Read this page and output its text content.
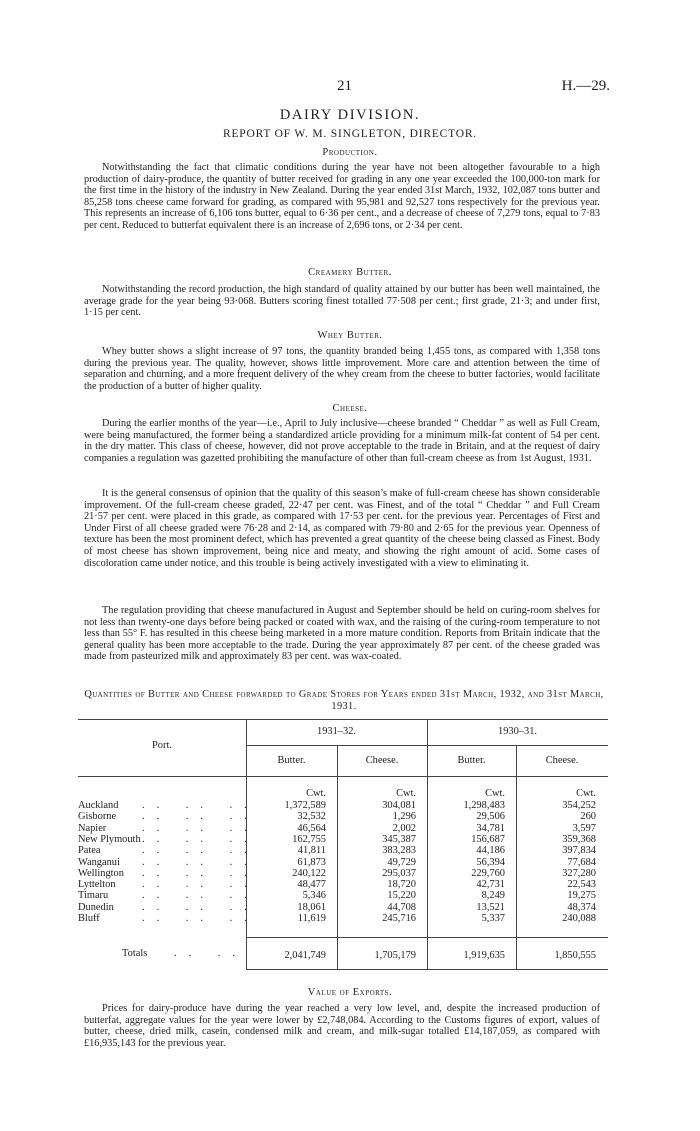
21	H.—29.
DAIRY DIVISION.
REPORT OF W. M. SINGLETON, DIRECTOR.
Production.

Notwithstanding the fact that climatic conditions during the year have not been altogether favourable to a high production of dairy-produce, the quantity of butter received for grading in any one year exceeded the 100,000-ton mark for the first time in the history of the industry in New Zealand. During the year ended 31st March, 1932, 102,087 tons butter and 85,258 tons cheese came forward for grading, as compared with 95,981 and 92,527 tons respectively for the previous year. This represents an increase of 6,106 tons butter, equal to 6·36 per cent., and a decrease of cheese of 7,279 tons, equal to 7·83 per cent. Reduced to butterfat equivalent there is an increase of 2,696 tons, or 2·34 per cent.

Creamery Butter.

Notwithstanding the record production, the high standard of quality attained by our butter has been well maintained, the average grade for the year being 93·068. Butters scoring finest totalled 77·508 per cent.; first grade, 21·3; and under first, 1·15 per cent.

Whey Butter.

Whey butter shows a slight increase of 97 tons, the quantity branded being 1,455 tons, as compared with 1,358 tons during the previous year. The quality, however, shows little improvement. More care and attention between the time of separation and churning, and a more frequent delivery of the whey cream from the cheese to butter factories, would facilitate the production of a butter of higher quality.

Cheese.

During the earlier months of the year—i.e., April to July inclusive—cheese branded “ Cheddar ” as well as Full Cream, were being manufactured, the former being a standardized article providing for a minimum milk-fat content of 54 per cent. in the dry matter. This class of cheese, however, did not prove acceptable to the trade in Britain, and at the request of dairy companies a regulation was gazetted prohibiting the manufacture of other than full-cream cheese as from 1st August, 1931.

It is the general consensus of opinion that the quality of this season’s make of full-cream cheese has shown considerable improvement. Of the full-cream cheese graded, 22·47 per cent. was Finest, and of the total “ Cheddar ” and Full Cream 21·57 per cent. were placed in this grade, as compared with 17·53 per cent. for the previous year. Percentages of First and Under First of all cheese graded were 76·28 and 2·14, as compared with 79·80 and 2·65 for the previous year. Openness of texture has been the most prominent defect, which has prevented a great quantity of the cheese being classed as Finest. Body of most cheese has shown improvement, being nice and meaty, and showing the right amount of acid. Some cases of discoloration came under notice, and this trouble is being actively investigated with a view to eliminating it.

The regulation providing that cheese manufactured in August and September should be held on curing-room shelves for not less than twenty-one days before being packed or coated with wax, and the raising of the curing-room temperature to not less than 55° F. has resulted in this cheese being marketed in a more mature condition. Reports from Britain indicate that the general quality has been more acceptable to the trade. During the year approximately 87 per cent. of the cheese graded was made from pasteurized milk and approximately 83 per cent. was wax-coated.

Quantities of Butter and Cheese forwarded to Grade Stores for Years ended 31st March, 1932, and 31st March, 1931.
Port.
1931–32.	1930–31.
Butter.	Cheese.	Butter.	Cheese.
Cwt.	Cwt.	Cwt.	Cwt.
Auckland .. .. ..	1,372,589	304,081	1,298,483	354,252
Gisborne .. .. ..	32,532	1,296	29,506	260
Napier	.. .. ..	46,564	2,002	34,781	3,597
New Plymouth .. .. ..	162,755	345,387	156,687	359,368
Patea	.. .. ..	41,811	383,283	44,186	397,834
Wanganui .. .. ..	61,873	49,729	56,394	77,684
Wellington .. .. ..	240,122	295,037	229,760	327,280
Lyttelton	.. .. ..	48,477	18,720	42,731	22,543
Timaru	.. .. ..	5,346	15,220	8,249	19,275
Dunedin	.. .. ..	18,061	44,708	13,521	48,374
Bluff	.. .. ..	11,619	245,716	5,337	240,088
Totals	.. ..	2,041,749	1,705,179	1,919,635	1,850,555
Value of Exports.

Prices for dairy-produce have during the year reached a very low level, and, despite the increased production of butterfat, aggregate values for the year were lower by £2,748,084. According to the Customs figures of export, values of butter, cheese, dried milk, casein, condensed milk and cream, and milk-sugar totalled £14,187,059, as compared with £16,935,143 for the previous year.
